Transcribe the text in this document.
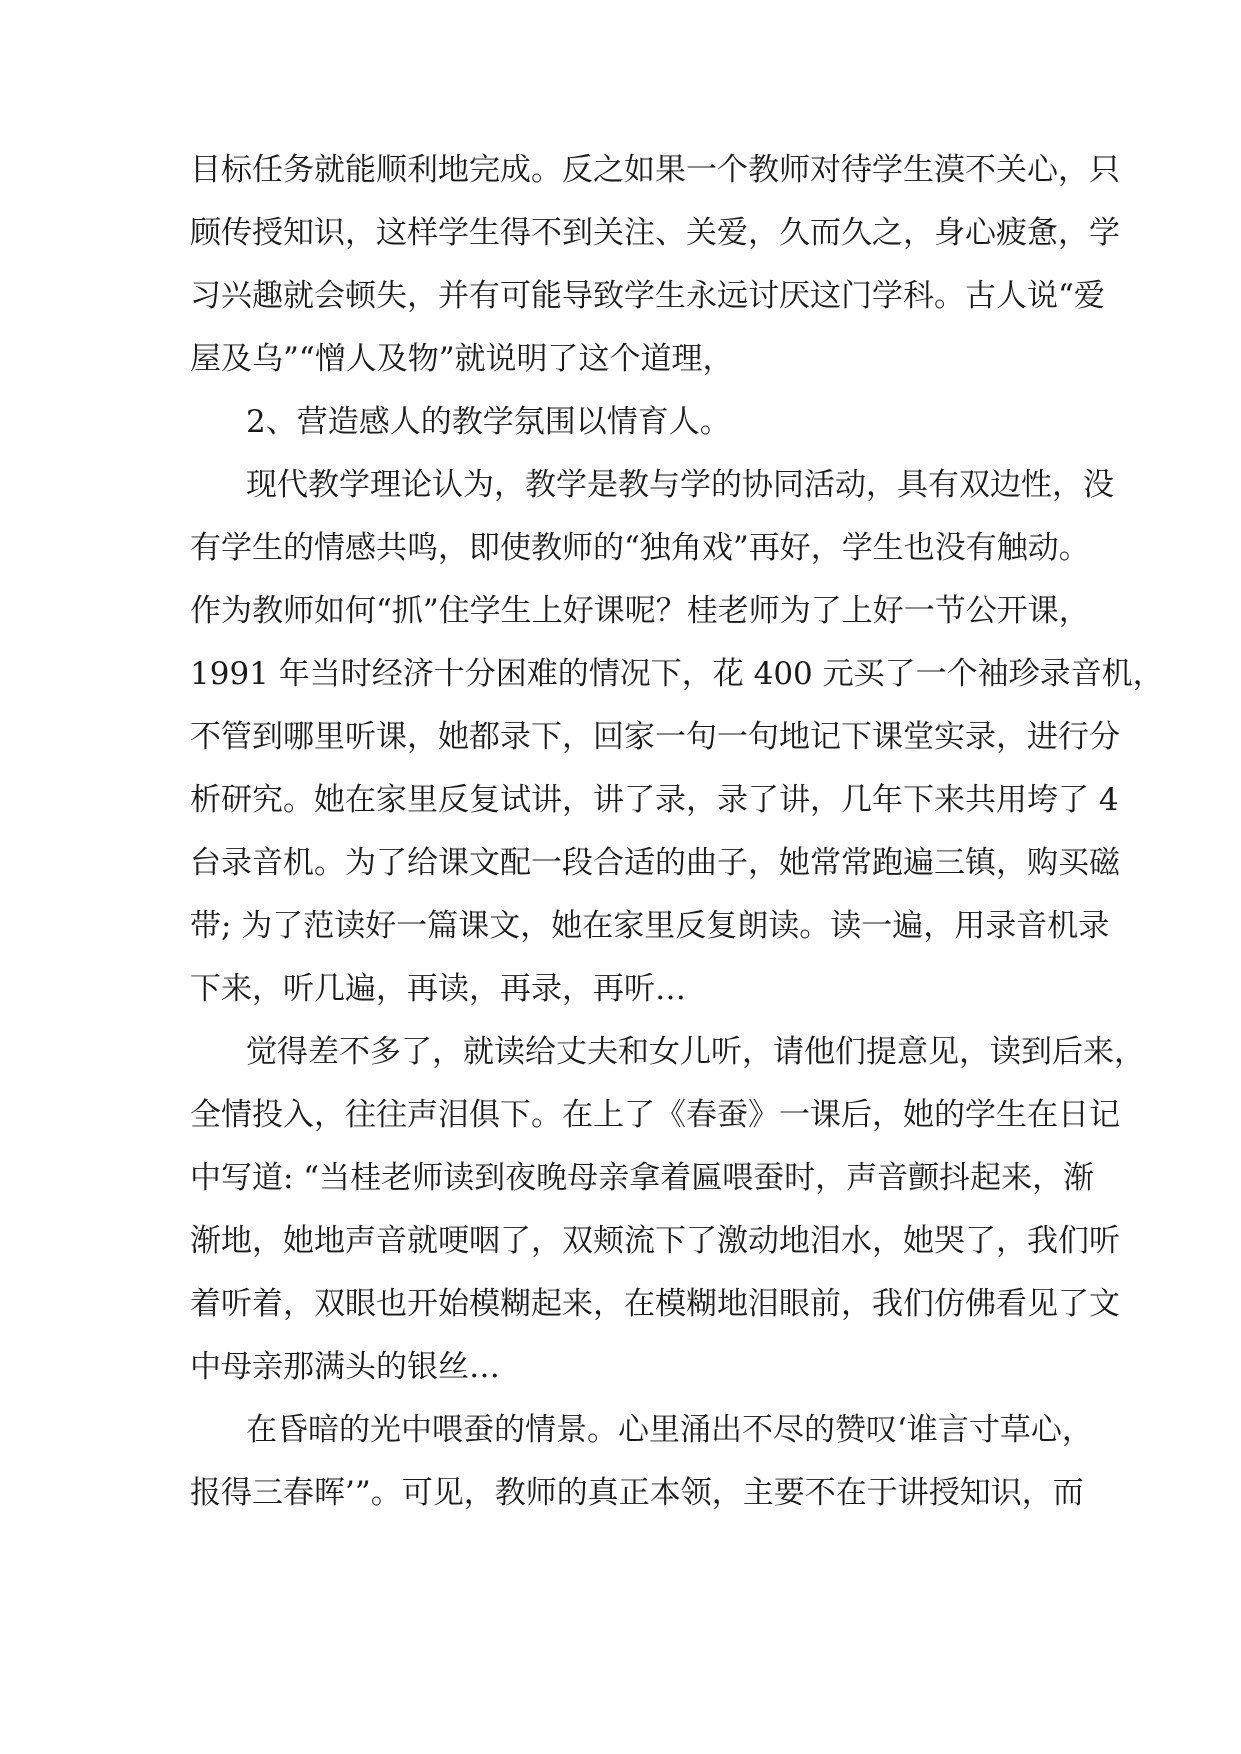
目标任务就能顺利地完成。反之如果一个教师对待学生漠不关心，只
顾传授知识，这样学生得不到关注、关爱，久而久之，身心疲惫，学
习兴趣就会顿失，并有可能导致学生永远讨厌这门学科。古人说“爱
屋及乌”“憎人及物”就说明了这个道理，
2、营造感人的教学氛围以情育人。
现代教学理论认为，教学是教与学的协同活动，具有双边性，没
有学生的情感共鸣，即使教师的“独角戏”再好，学生也没有触动。
作为教师如何“抓”住学生上好课呢？桂老师为了上好一节公开课，
1991 年当时经济十分困难的情况下，花 400 元买了一个袖珍录音机，
不管到哪里听课，她都录下，回家一句一句地记下课堂实录，进行分
析研究。她在家里反复试讲，讲了录，录了讲，几年下来共用垮了 4
台录音机。为了给课文配一段合适的曲子，她常常跑遍三镇，购买磁
带; 为了范读好一篇课文，她在家里反复朗读。读一遍，用录音机录
下来，听几遍，再读，再录，再听…
觉得差不多了，就读给丈夫和女儿听，请他们提意见，读到后来，
全情投入，往往声泪俱下。在上了《春蚕》一课后，她的学生在日记
中写道: “当桂老师读到夜晚母亲拿着匾喂蚕时，声音颤抖起来，渐
渐地，她地声音就哽咽了，双颊流下了激动地泪水，她哭了，我们听
着听着，双眼也开始模糊起来，在模糊地泪眼前，我们仿佛看见了文
中母亲那满头的银丝…
在昏暗的光中喂蚕的情景。心里涌出不尽的赞叹‘谁言寸草心，
报得三春晖’”。可见，教师的真正本领，主要不在于讲授知识，而
